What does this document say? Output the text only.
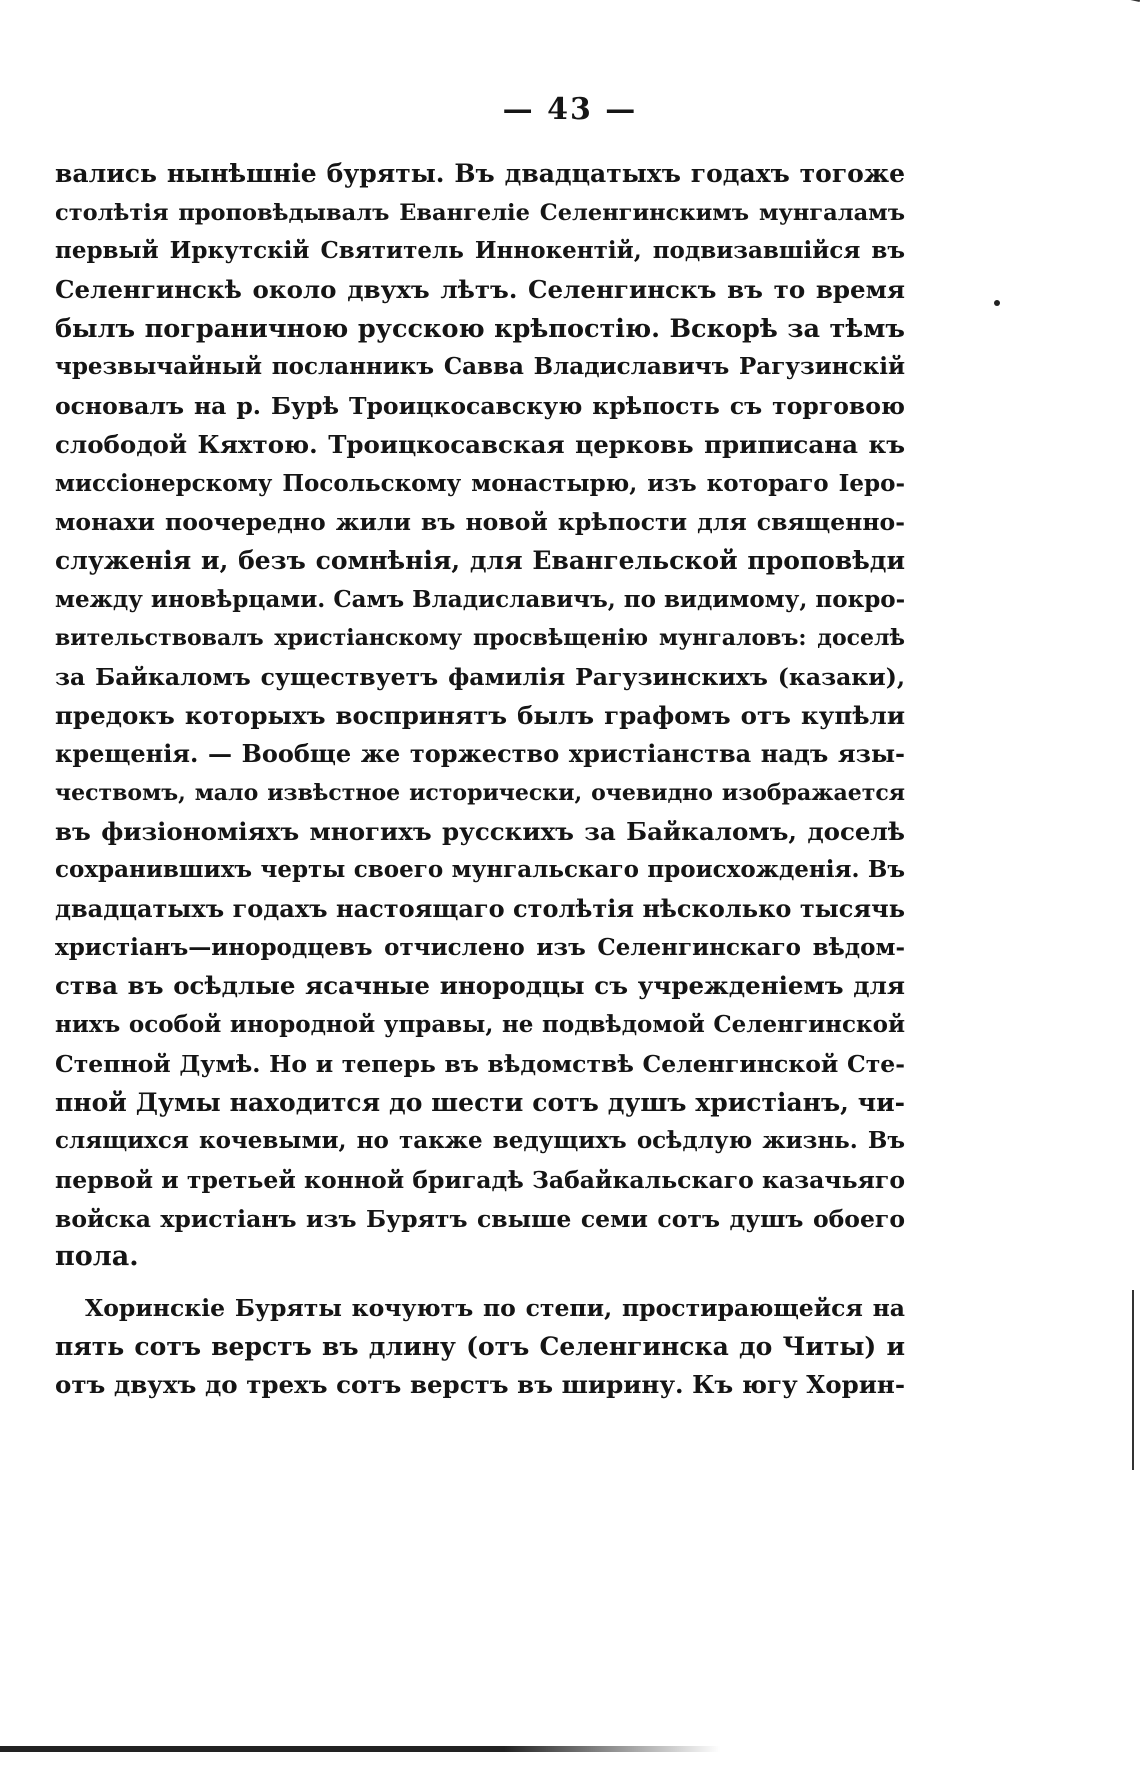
— 43 —
вались нынѣшніе буряты. Въ двадцатыхъ годахъ тогоже
столѣтія проповѣдывалъ Евангеліе Селенгинскимъ мунгаламъ
первый Иркутскій Святитель Иннокентій, подвизавшійся въ
Селенгинскѣ около двухъ лѣтъ. Селенгинскъ въ то время
былъ пограничною русскою крѣпостію. Вскорѣ за тѣмъ
чрезвычайный посланникъ Савва Владиславичъ Рагузинскій
основалъ на р. Бурѣ Троицкосавскую крѣпость съ торговою
слободой Кяхтою. Троицкосавская церковь приписана къ
миссіонерскому Посольскому монастырю, изъ котораго Іеро-
монахи поочередно жили въ новой крѣпости для священно-
служенія и, безъ сомнѣнія, для Евангельской проповѣди
между иновѣрцами. Самъ Владиславичъ, по видимому, покро-
вительствовалъ христіанскому просвѣщенію мунгаловъ: доселѣ
за Байкаломъ существуетъ фамилія Рагузинскихъ (казаки),
предокъ которыхъ воспринятъ былъ графомъ отъ купѣли
крещенія. — Вообще же торжество христіанства надъ язы-
чествомъ, мало извѣстное исторически, очевидно изображается
въ физіономіяхъ многихъ русскихъ за Байкаломъ, доселѣ
сохранившихъ черты своего мунгальскаго происхожденія. Въ
двадцатыхъ годахъ настоящаго столѣтія нѣсколько тысячь
христіанъ—инородцевъ отчислено изъ Селенгинскаго вѣдом-
ства въ осѣдлые ясачные инородцы съ учрежденіемъ для
нихъ особой инородной управы, не подвѣдомой Селенгинской
Степной Думѣ. Но и теперь въ вѣдомствѣ Селенгинской Сте-
пной Думы находится до шести сотъ душъ христіанъ, чи-
слящихся кочевыми, но также ведущихъ осѣдлую жизнь. Въ
первой и третьей конной бригадѣ Забайкальскаго казачьяго
войска христіанъ изъ Бурятъ свыше семи сотъ душъ обоего
пола.
Хоринскіе Буряты кочуютъ по степи, простирающейся на
пять сотъ верстъ въ длину (отъ Селенгинска до Читы) и
отъ двухъ до трехъ сотъ верстъ въ ширину. Къ югу Хорин-
